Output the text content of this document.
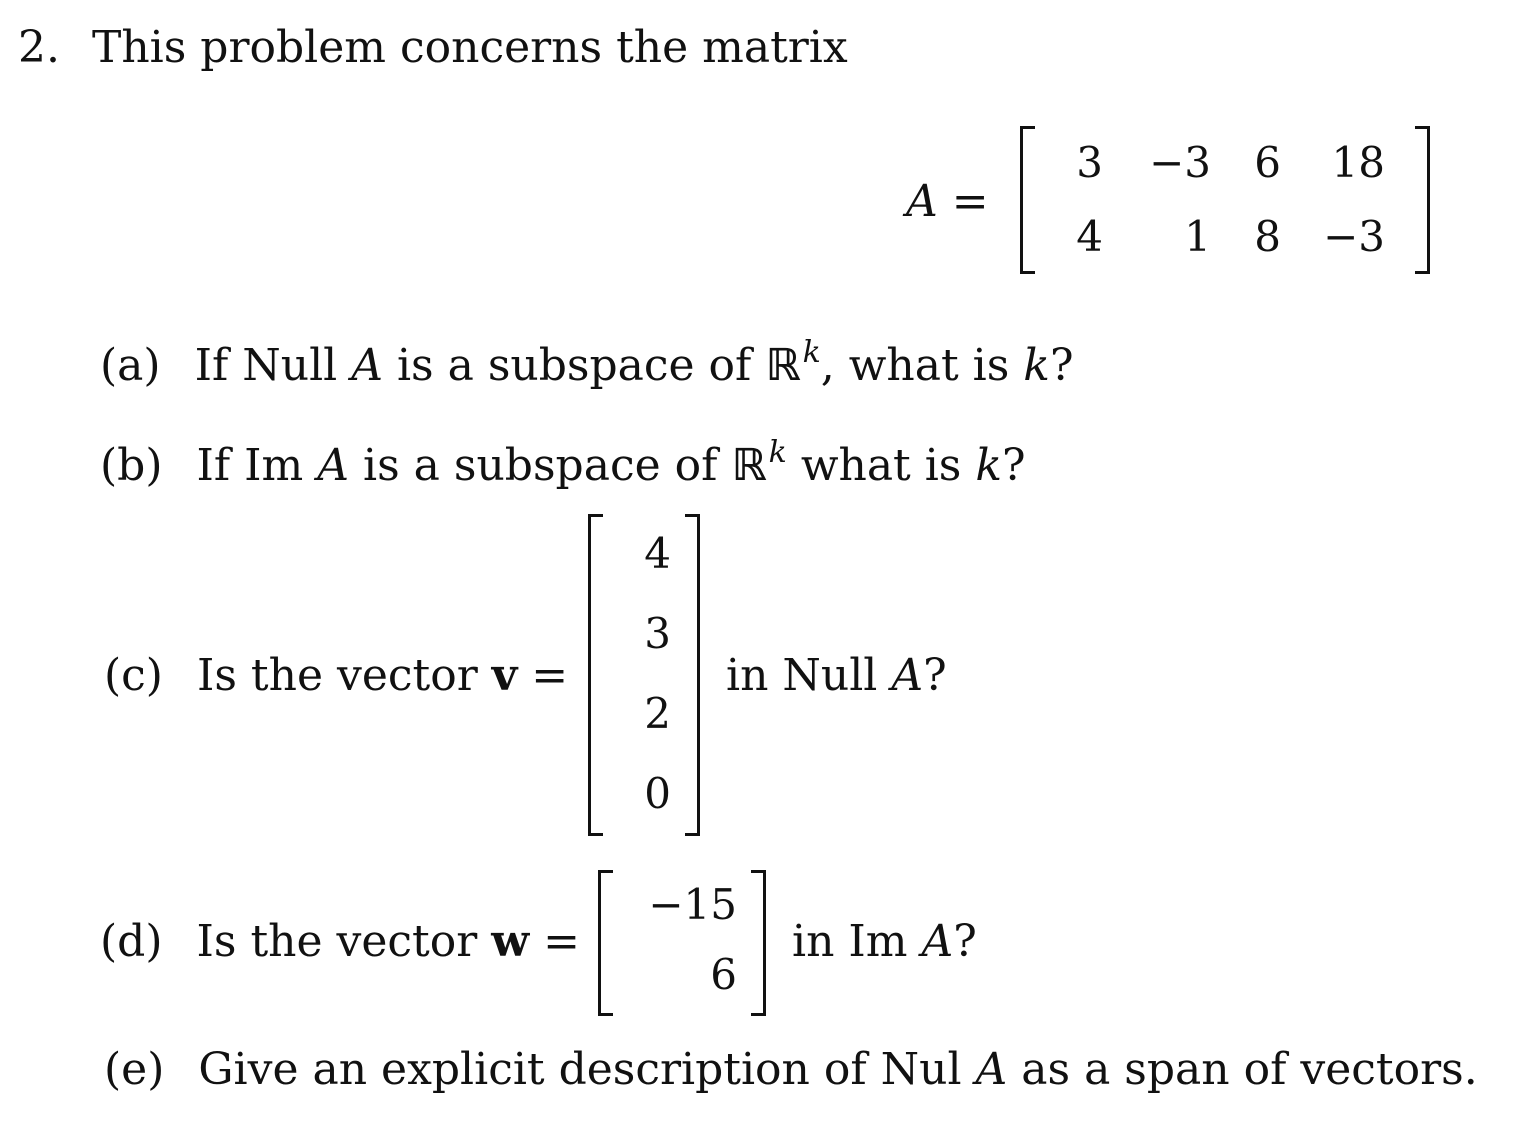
2. This problem concerns the matrix
A =
3	−3	6	18
4	1	8	−3
(a) If Null A is a subspace of ℝ$^k$, what is k?
(b) If Im A is a subspace of ℝ$^k$ what is k?
(c) Is the vector v =
4
3
2
0
in Null A?
(d) Is the vector w =
−15
6
in Im A?
(e) Give an explicit description of Nul A as a span of vectors.
